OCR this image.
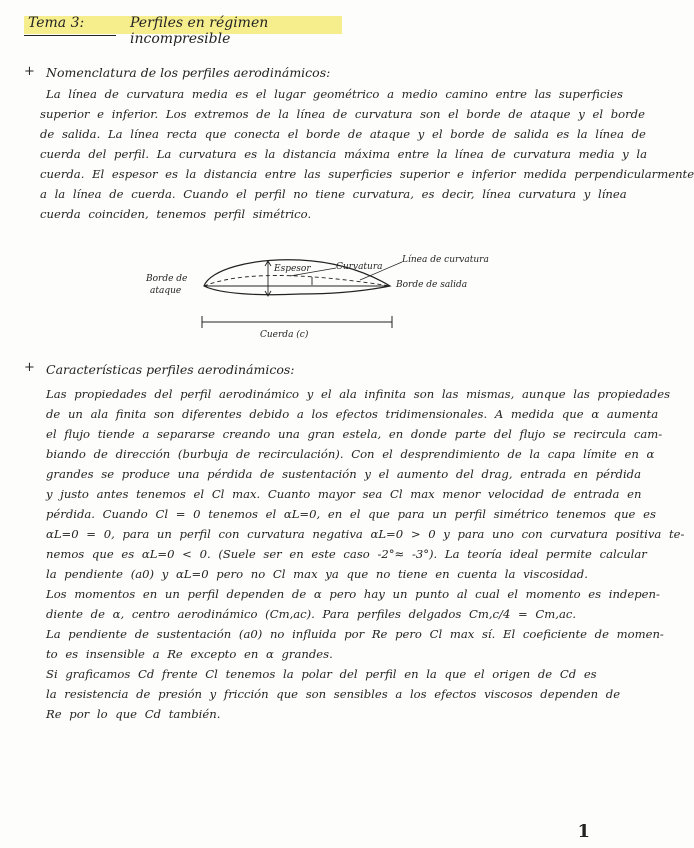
Tema 3:	Perfiles en régimen incompresible
+ Nomenclatura de los perfiles aerodinámicos:
La línea de curvatura media es el lugar geométrico a medio camino entre las superficies
superior e inferior. Los extremos de la línea de curvatura son el borde de ataque y el borde
de salida. La línea recta que conecta el borde de ataque y el borde de salida es la línea de
cuerda del perfil. La curvatura es la distancia máxima entre la línea de curvatura media y la
cuerda. El espesor es la distancia entre las superficies superior e inferior medida perpendicularmente
a la línea de cuerda. Cuando el perfil no tiene curvatura, es decir, línea curvatura y línea
cuerda coinciden, tenemos perfil simétrico.
Borde de
ataque
Espesor	Curvatura
Línea de curvatura
Borde de salida
Cuerda (c)
+ Características perfiles aerodinámicos:
Las propiedades del perfil aerodinámico y el ala infinita son las mismas, aunque las propiedades
de un ala finita son diferentes debido a los efectos tridimensionales. A medida que α aumenta
el flujo tiende a separarse creando una gran estela, en donde parte del flujo se recircula cam-
biando de dirección (burbuja de recirculación). Con el desprendimiento de la capa límite en α
grandes se produce una pérdida de sustentación y el aumento del drag, entrada en pérdida
y justo antes tenemos el Cl max. Cuanto mayor sea Cl max menor velocidad de entrada en
pérdida. Cuando Cl = 0 tenemos el αL=0, en el que para un perfil simétrico tenemos que es
αL=0 = 0, para un perfil con curvatura negativa αL=0 > 0 y para uno con curvatura positiva te-
nemos que es αL=0 < 0. (Suele ser en este caso -2°≈ -3°). La teoría ideal permite calcular
la pendiente (a0) y αL=0 pero no Cl max ya que no tiene en cuenta la viscosidad.
Los momentos en un perfil dependen de α pero hay un punto al cual el momento es indepen-
diente de α, centro aerodinámico (Cm,ac). Para perfiles delgados Cm,c/4 = Cm,ac.
La pendiente de sustentación (a0) no influida por Re pero Cl max sí. El coeficiente de momen-
to es insensible a Re excepto en α grandes.
Si graficamos Cd frente Cl tenemos la polar del perfil en la que el origen de Cd es
la resistencia de presión y fricción que son sensibles a los efectos viscosos dependen de
Re por lo que Cd también.
1
